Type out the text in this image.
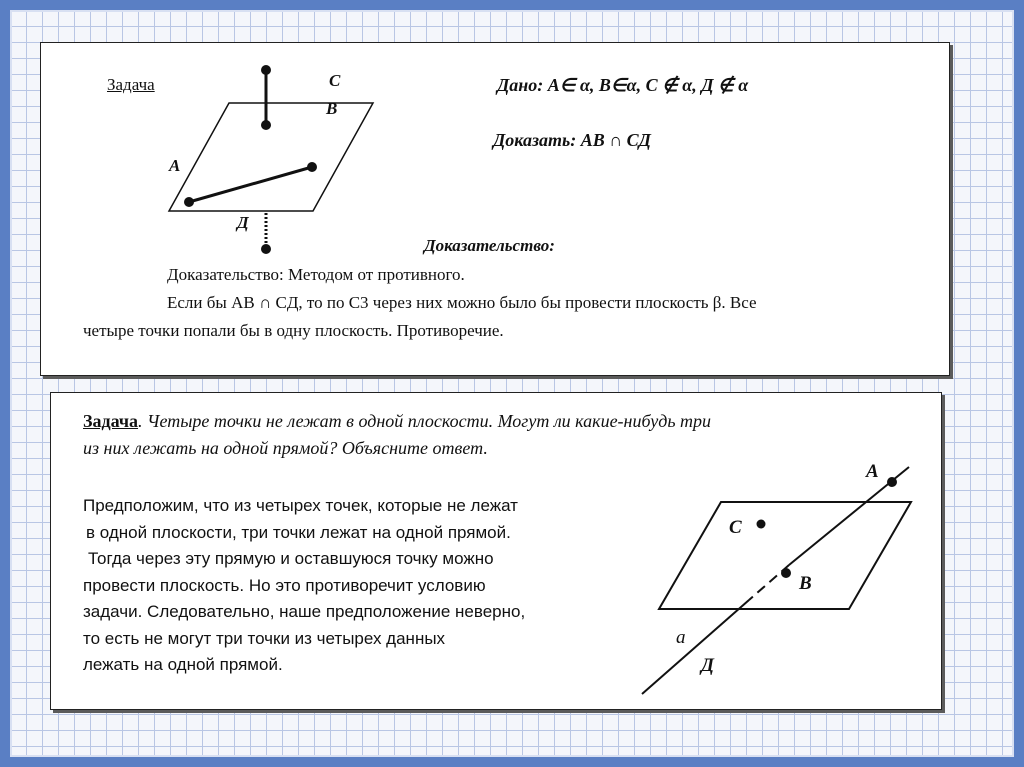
Задача	C
B
A
Д
Дано: A∈ α, B∈α, C ∉ α, Д ∉ α
Доказать: AB ∩ CД
Доказательство:
Доказательство: Методом от противного.
Если бы AB ∩ CД, то по C3 через них можно было бы провести плоскость β. Все
четыре точки попали бы в одну плоскость. Противоречие.
Задача. Четыре точки не лежат в одной плоскости. Могут ли какие-нибудь три
из них лежать на одной прямой? Объясните ответ.
Предположим, что из четырех точек, которые не лежат
в одной плоскости, три точки лежат на одной прямой.
Тогда через эту прямую и оставшуюся точку можно
провести плоскость. Но это противоречит условию
задачи. Следовательно, наше предположение неверно,
то есть не могут три точки из четырех данных
лежать на одной прямой.
A
C
B
a
Д
